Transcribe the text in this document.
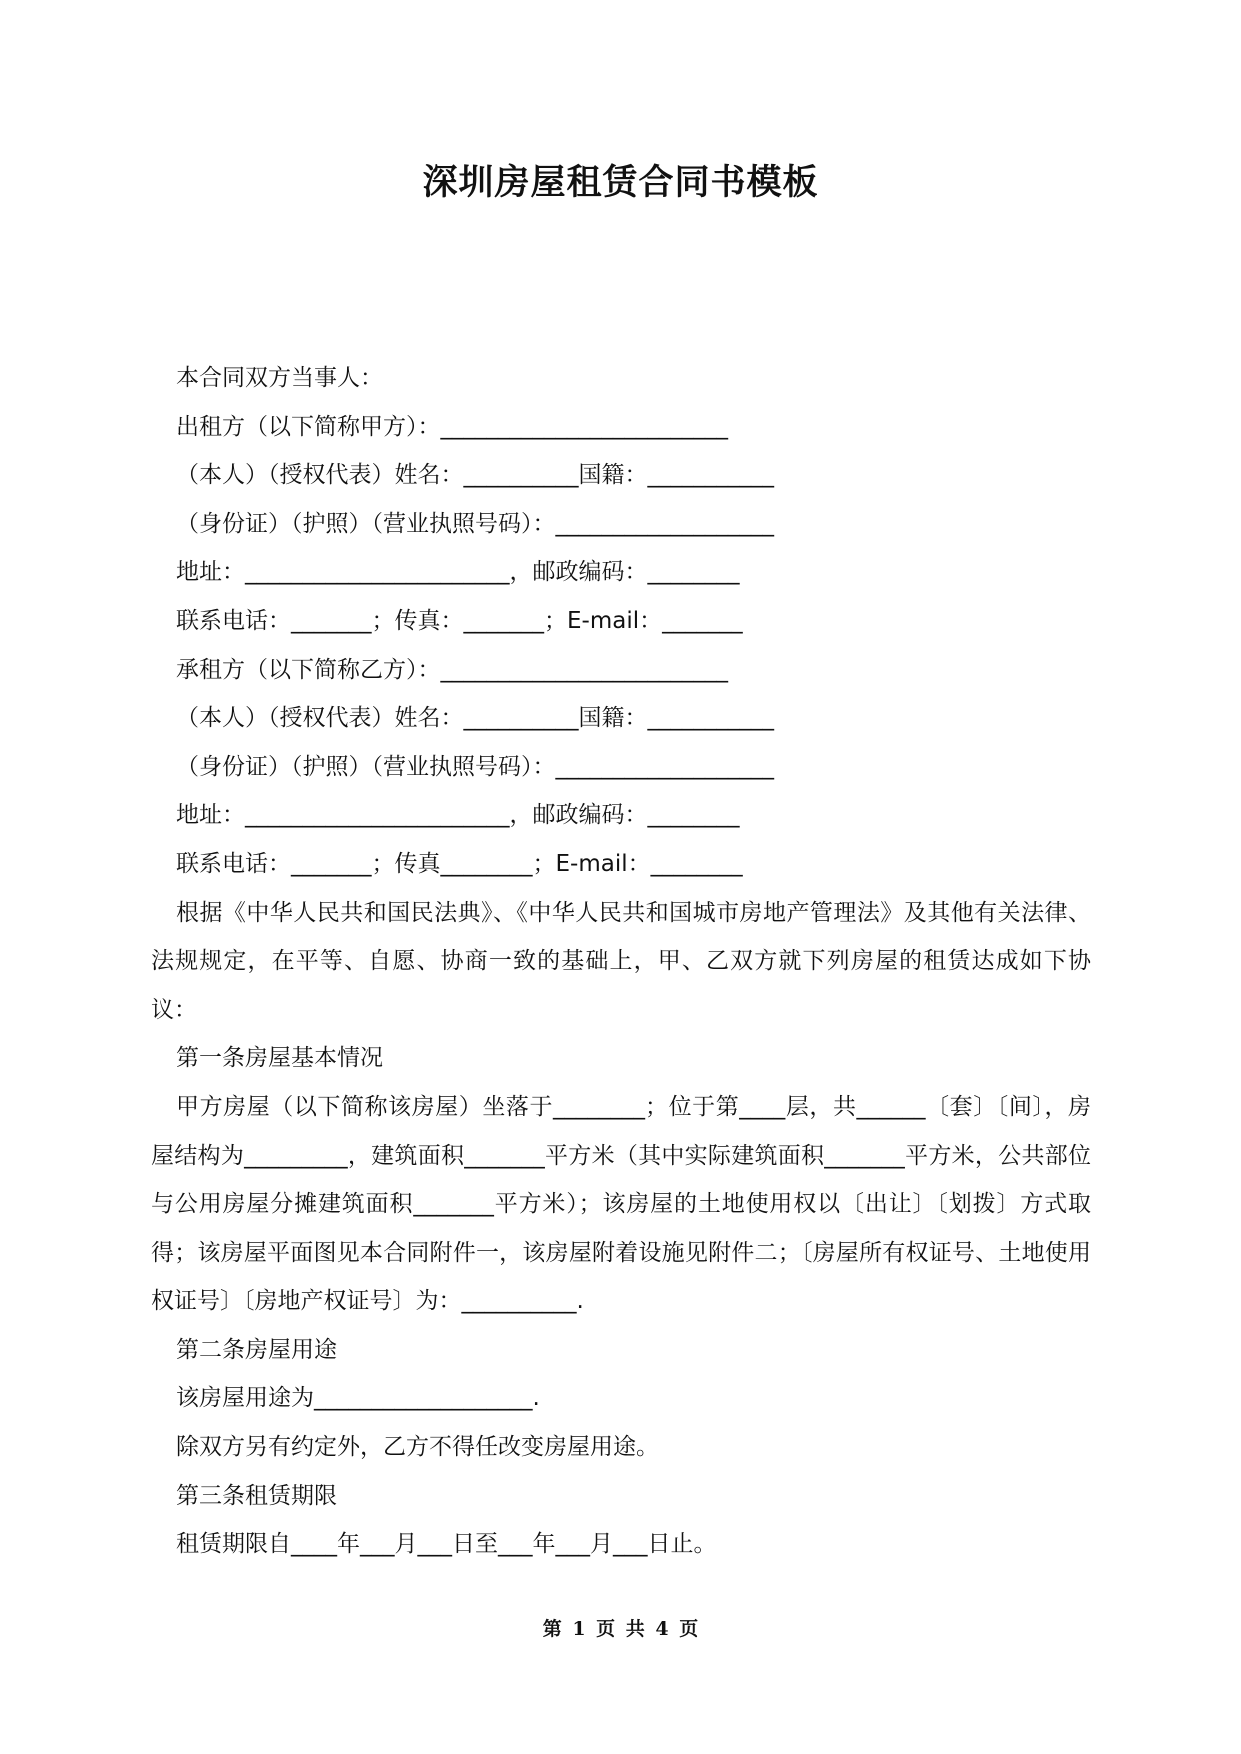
深圳房屋租赁合同书模板

本合同双方当事人：

出租方（以下简称甲方）：_________________________

（本人）（授权代表）姓名：__________国籍：___________

（身份证）（护照）（营业执照号码）：___________________

地址：_______________________，邮政编码：________

联系电话：_______；传真：_______；E-mail：_______

承租方（以下简称乙方）：_________________________

（本人）（授权代表）姓名：__________国籍：___________

（身份证）（护照）（营业执照号码）：___________________

地址：_______________________，邮政编码：________

联系电话：_______；传真________；E-mail：________

根据《中华人民共和国民法典》、《中华人民共和国城市房地产管理法》及其他有关法律、法规规定，在平等、自愿、协商一致的基础上，甲、乙双方就下列房屋的租赁达成如下协议：

第一条房屋基本情况

甲方房屋（以下简称该房屋）坐落于________；位于第____层，共______〔套〕〔间〕，房屋结构为_________，建筑面积_______平方米（其中实际建筑面积_______平方米，公共部位与公用房屋分摊建筑面积_______平方米）；该房屋的土地使用权以〔出让〕〔划拨〕方式取得；该房屋平面图见本合同附件一，该房屋附着设施见附件二；〔房屋所有权证号、土地使用权证号〕〔房地产权证号〕为：__________.

第二条房屋用途

该房屋用途为___________________.

除双方另有约定外，乙方不得任改变房屋用途。

第三条租赁期限

租赁期限自____年___月___日至___年___月___日止。

第 1 页 共 4 页
